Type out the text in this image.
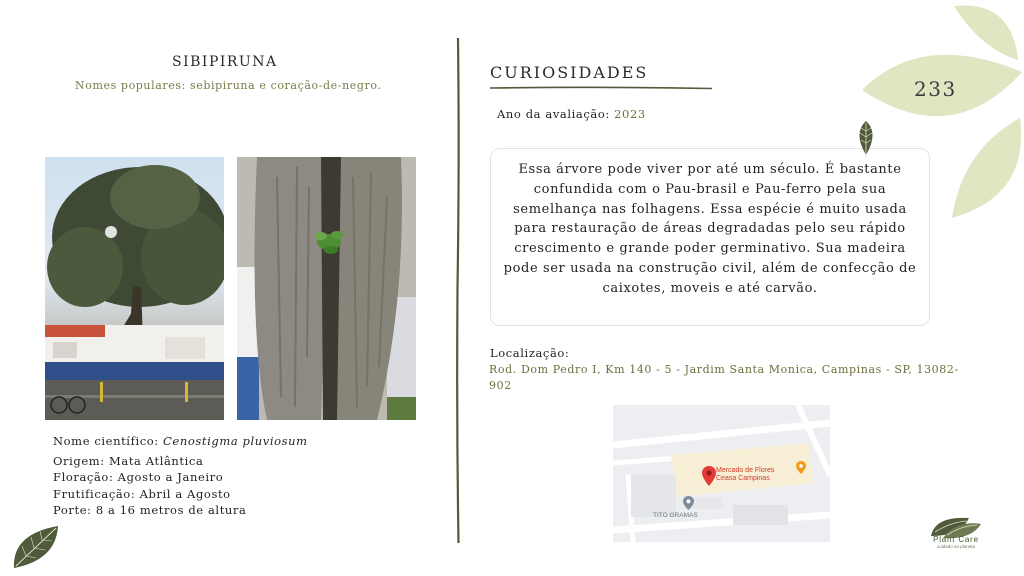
SIBIPIRUNA
Nomes populares: sebipiruna e coração-de-negro.
Nome científico: Cenostigma pluviosum
Origem: Mata Atlântica
Floração: Agosto a Janeiro
Frutificação: Abril a Agosto
Porte: 8 a 16 metros de altura
CURIOSIDADES
Ano da avaliação: 2023
Essa árvore pode viver por até um século. É bastante confundida com o Pau-brasil e Pau-ferro pela sua semelhança nas folhagens. Essa espécie é muito usada para restauração de áreas degradadas pelo seu rápido crescimento e grande poder germinativo. Sua madeira pode ser usada na construção civil, além de confecção de caixotes, moveis e até carvão.
Localização:
Rod. Dom Pedro I, Km 140 - 5 - Jardim Santa Monica, Campinas - SP, 13082-902
Mercado de Flores
Ceasa Campinas
TITO GRAMAS
233
Plant Care
cuidado ao planeta
